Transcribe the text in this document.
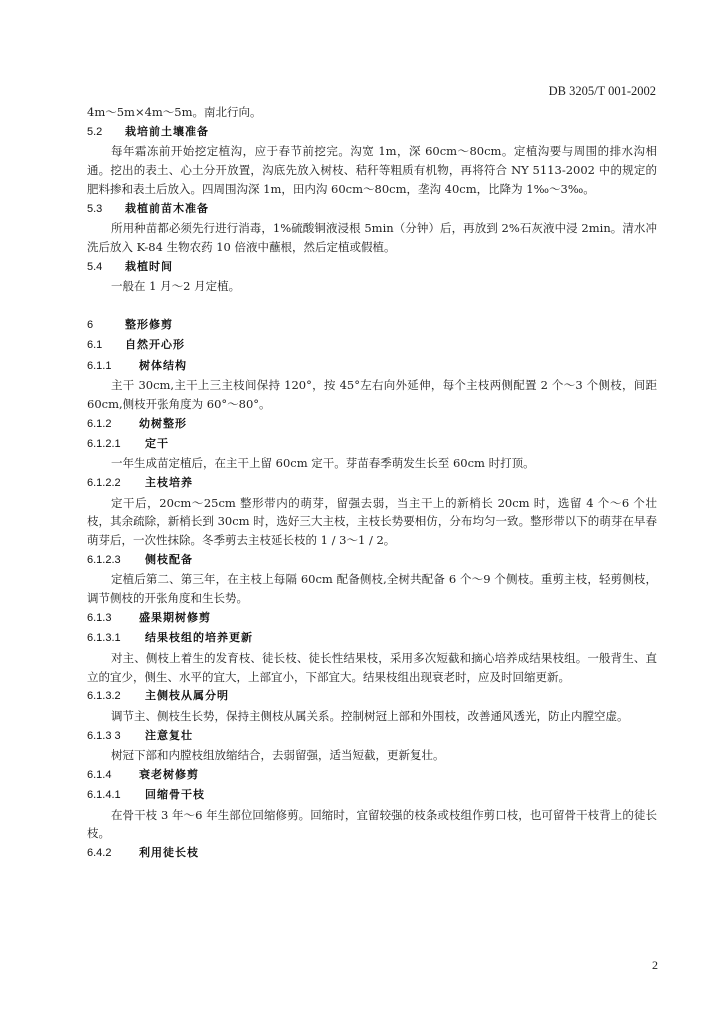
DB 3205/T 001-2002

4m～5m×4m～5m。南北行向。

5.2 栽培前土壤准备

每年霜冻前开始挖定植沟，应于春节前挖完。沟宽 1m，深 60cm～80cm。定植沟要与周围的排水沟相通。挖出的表土、心土分开放置，沟底先放入树枝、秸秆等粗质有机物，再将符合 NY 5113-2002 中的规定的肥料掺和表土后放入。四周围沟深 1m，田内沟 60cm～80cm，垄沟 40cm，比降为 1‰～3‰。

5.3 栽植前苗木准备

所用种苗都必须先行进行消毒，1%硫酸铜液浸根 5min（分钟）后，再放到 2%石灰液中浸 2min。清水冲洗后放入 K-84 生物农药 10 倍液中蘸根，然后定植或假植。

5.4 栽植时间

一般在 1 月～2 月定植。

6	整形修剪
6.1 自然开心形
6.1.1	树体结构

主干 30cm,主干上三主枝间保持 120°，按 45°左右向外延伸，每个主枝两侧配置 2 个～3 个侧枝，间距 60cm,侧枝开张角度为 60°～80°。

6.1.2	幼树整形
6.1.2.1 定干

一年生成苗定植后，在主干上留 60cm 定干。芽苗春季萌发生长至 60cm 时打顶。

6.1.2.2 主枝培养

定干后，20cm～25cm 整形带内的萌芽，留强去弱，当主干上的新梢长 20cm 时，选留 4 个～6 个壮枝，其余疏除，新梢长到 30cm 时，选好三大主枝，主枝长势要相仿，分布均匀一致。整形带以下的萌芽在早春萌芽后，一次性抹除。冬季剪去主枝延长枝的 1 / 3～1 / 2。

6.1.2.3 侧枝配备

定植后第二、第三年，在主枝上每隔 60cm 配备侧枝,全树共配备 6 个～9 个侧枝。重剪主枝，轻剪侧枝，调节侧枝的开张角度和生长势。

6.1.3	盛果期树修剪
6.1.3.1 结果枝组的培养更新

对主、侧枝上着生的发育枝、徒长枝、徒长性结果枝，采用多次短截和摘心培养成结果枝组。一般背生、直立的宜少，侧生、水平的宜大，上部宜小，下部宜大。结果枝组出现衰老时，应及时回缩更新。

6.1.3.2 主侧枝从属分明

调节主、侧枝生长势，保持主侧枝从属关系。控制树冠上部和外围枝，改善通风透光，防止内膛空虚。

6.1.3 3 注意复壮

树冠下部和内膛枝组放缩结合，去弱留强，适当短截，更新复壮。

6.1.4	衰老树修剪
6.1.4.1 回缩骨干枝

在骨干枝 3 年～6 年生部位回缩修剪。回缩时，宜留较强的枝条或枝组作剪口枝，也可留骨干枝背上的徒长枝。

6.4.2	利用徒长枝
2
